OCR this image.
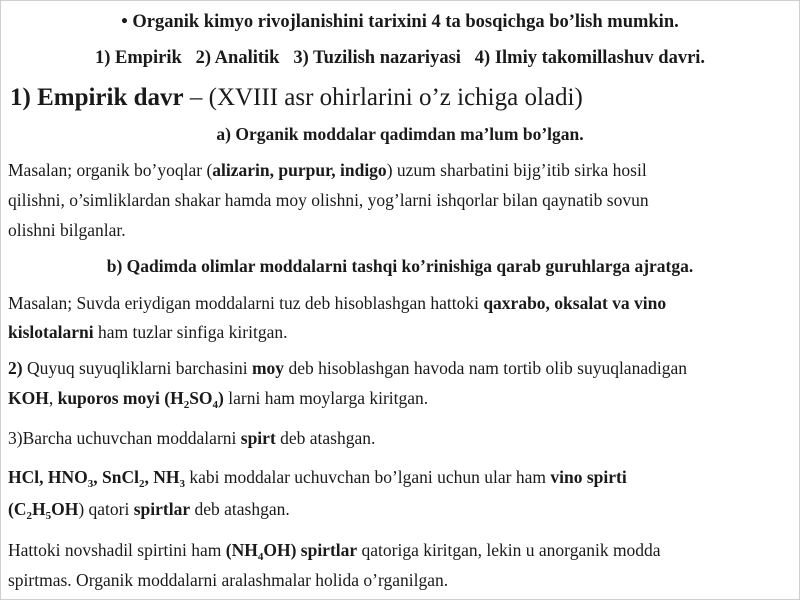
• Organik kimyo rivojlanishini tarixini 4 ta bosqichga bo’lish mumkin.
1) Empirik 2) Analitik 3) Tuzilish nazariyasi 4) Ilmiy takomillashuv davri.
1) Empirik davr – (XVIII asr ohirlarini o’z ichiga oladi)
a) Organik moddalar qadimdan ma’lum bo’lgan.
Masalan; organik bo’yoqlar (alizarin, purpur, indigo) uzum sharbatini bijg’itib sirka hosil
qilishni, o’simliklardan shakar hamda moy olishni, yog’larni ishqorlar bilan qaynatib sovun
olishni bilganlar.
b) Qadimda olimlar moddalarni tashqi ko’rinishiga qarab guruhlarga ajratga.
Masalan; Suvda eriydigan moddalarni tuz deb hisoblashgan hattoki qaxrabo, oksalat va vino
kislotalarni ham tuzlar sinfiga kiritgan.
2) Quyuq suyuqliklarni barchasini moy deb hisoblashgan havoda nam tortib olib suyuqlanadigan
KOH, kuporos moyi $(H_2SO_4)$ larni ham moylarga kiritgan.
3)Barcha uchuvchan moddalarni spirt deb atashgan.
HCl, $HNO_3$, SnCl$_2$, $NH_3$ kabi moddalar uchuvchan bo’lgani uchun ular ham vino spirti
$(C_2H_5OH)$ qatori spirtlar deb atashgan.
Hattoki novshadil spirtini ham $(NH_4OH)$ spirtlar qatoriga kiritgan, lekin u anorganik modda
spirtmas. Organik moddalarni aralashmalar holida o’rganilgan.
